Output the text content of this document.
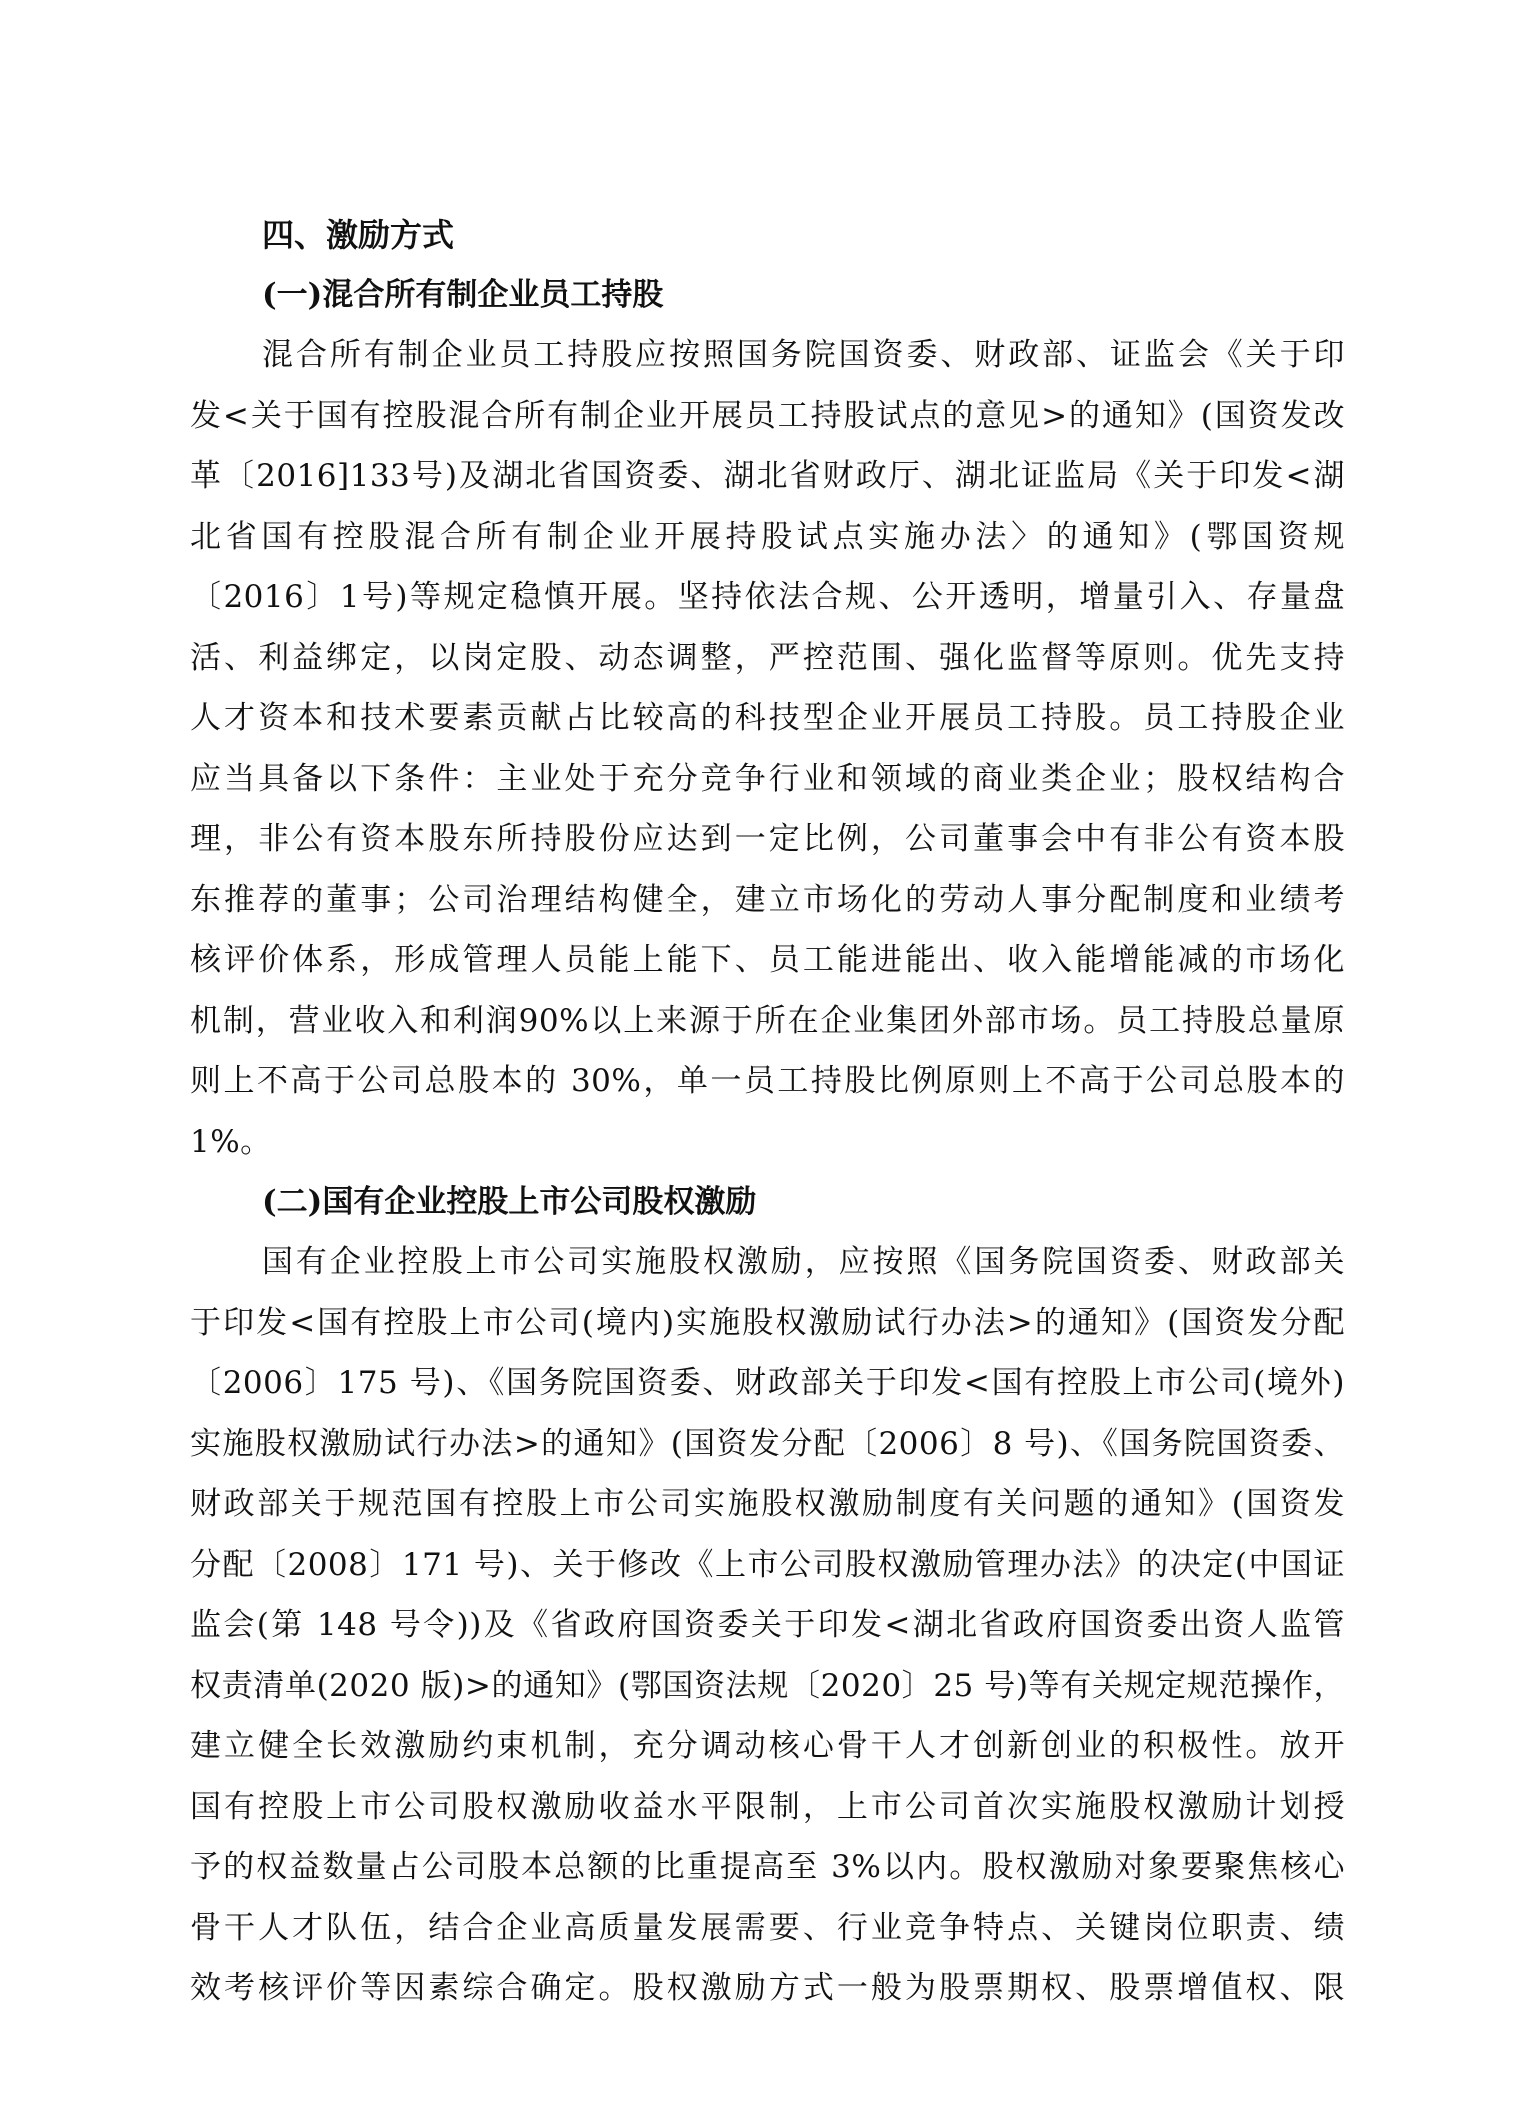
四、激励方式
(一)混合所有制企业员工持股

混合所有制企业员工持股应按照国务院国资委、财政部、证监会《关于印
发<关于国有控股混合所有制企业开展员工持股试点的意见>的通知》(国资发改
革〔2016]133号)及湖北省国资委、湖北省财政厅、湖北证监局《关于印发<湖
北省国有控股混合所有制企业开展持股试点实施办法〉的通知》(鄂国资规
〔2016〕1号)等规定稳慎开展。坚持依法合规、公开透明，增量引入、存量盘
活、利益绑定，以岗定股、动态调整，严控范围、强化监督等原则。优先支持
人才资本和技术要素贡献占比较高的科技型企业开展员工持股。员工持股企业
应当具备以下条件：主业处于充分竞争行业和领域的商业类企业；股权结构合
理，非公有资本股东所持股份应达到一定比例，公司董事会中有非公有资本股
东推荐的董事；公司治理结构健全，建立市场化的劳动人事分配制度和业绩考
核评价体系，形成管理人员能上能下、员工能进能出、收入能增能减的市场化
机制，营业收入和利润90%以上来源于所在企业集团外部市场。员工持股总量原
则上不高于公司总股本的 30%，单一员工持股比例原则上不高于公司总股本的
1%。

(二)国有企业控股上市公司股权激励

国有企业控股上市公司实施股权激励，应按照《国务院国资委、财政部关
于印发<国有控股上市公司(境内)实施股权激励试行办法>的通知》(国资发分配
〔2006〕175 号)、《国务院国资委、财政部关于印发<国有控股上市公司(境外)
实施股权激励试行办法>的通知》(国资发分配〔2006〕8 号)、《国务院国资委、
财政部关于规范国有控股上市公司实施股权激励制度有关问题的通知》(国资发
分配〔2008〕171 号)、关于修改《上市公司股权激励管理办法》的决定(中国证
监会(第 148 号令))及《省政府国资委关于印发<湖北省政府国资委出资人监管
权责清单(2020 版)>的通知》(鄂国资法规〔2020〕25 号)等有关规定规范操作，
建立健全长效激励约束机制，充分调动核心骨干人才创新创业的积极性。放开
国有控股上市公司股权激励收益水平限制，上市公司首次实施股权激励计划授
予的权益数量占公司股本总额的比重提高至 3%以内。股权激励对象要聚焦核心
骨干人才队伍，结合企业高质量发展需要、行业竞争特点、关键岗位职责、绩
效考核评价等因素综合确定。股权激励方式一般为股票期权、股票增值权、限
